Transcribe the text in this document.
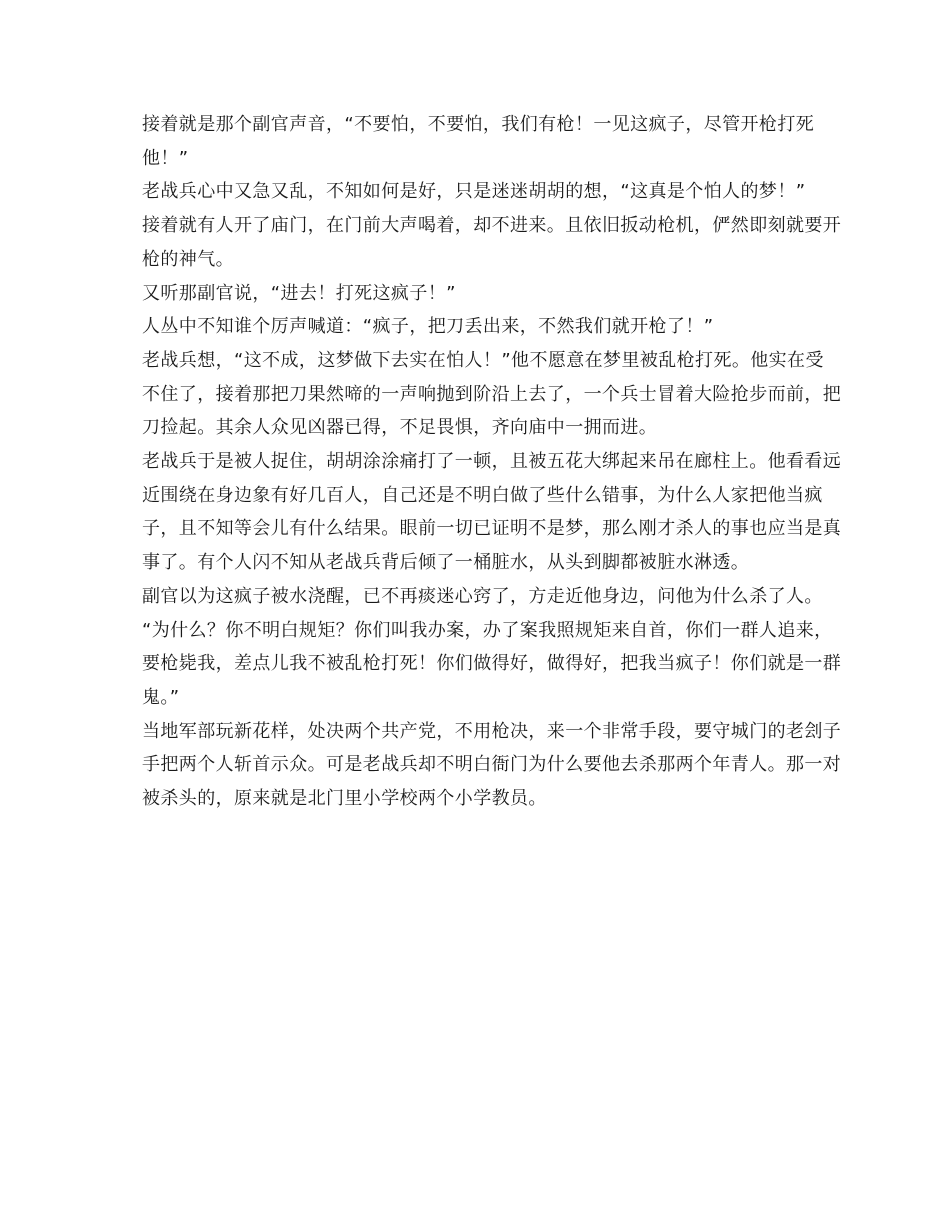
接着就是那个副官声音，“不要怕，不要怕，我们有枪！一见这疯子，尽管开枪打死他！”

老战兵心中又急又乱，不知如何是好，只是迷迷胡胡的想，“这真是个怕人的梦！”

接着就有人开了庙门，在门前大声喝着，却不进来。且依旧扳动枪机，俨然即刻就要开枪的神气。

又听那副官说，“进去！打死这疯子！”

人丛中不知谁个厉声喊道：“疯子，把刀丢出来，不然我们就开枪了！”

老战兵想，“这不成，这梦做下去实在怕人！”他不愿意在梦里被乱枪打死。他实在受不住了，接着那把刀果然啼的一声响抛到阶沿上去了，一个兵士冒着大险抢步而前，把刀捡起。其余人众见凶器已得，不足畏惧，齐向庙中一拥而进。

老战兵于是被人捉住，胡胡涂涂痛打了一顿，且被五花大绑起来吊在廊柱上。他看看远近围绕在身边象有好几百人，自己还是不明白做了些什么错事，为什么人家把他当疯子，且不知等会儿有什么结果。眼前一切已证明不是梦，那么刚才杀人的事也应当是真事了。有个人闪不知从老战兵背后倾了一桶脏水，从头到脚都被脏水淋透。

副官以为这疯子被水浇醒，已不再痰迷心窍了，方走近他身边，问他为什么杀了人。

“为什么？你不明白规矩？你们叫我办案，办了案我照规矩来自首，你们一群人追来，要枪毙我，差点儿我不被乱枪打死！你们做得好，做得好，把我当疯子！你们就是一群鬼。”

当地军部玩新花样，处决两个共产党，不用枪决，来一个非常手段，要守城门的老刽子手把两个人斩首示众。可是老战兵却不明白衙门为什么要他去杀那两个年青人。那一对被杀头的，原来就是北门里小学校两个小学教员。
